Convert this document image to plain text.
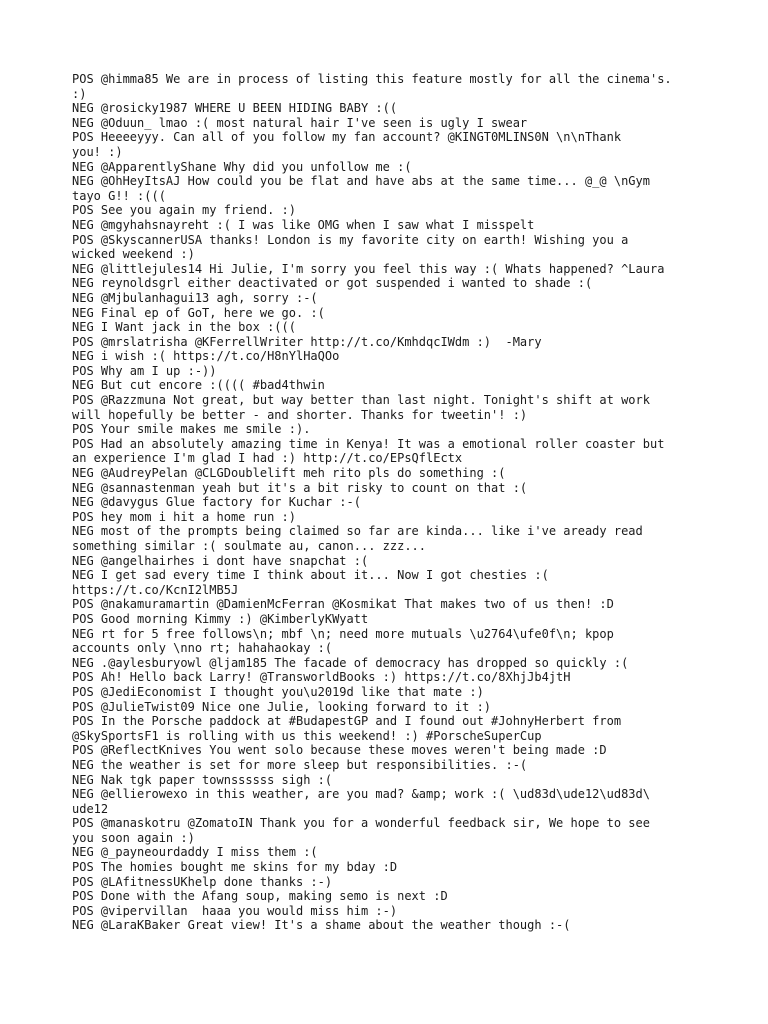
POS @himma85 We are in process of listing this feature mostly for all the cinema's.
:)
NEG @rosicky1987 WHERE U BEEN HIDING BABY :((
NEG @Oduun_ lmao :( most natural hair I've seen is ugly I swear
POS Heeeeyyy. Can all of you follow my fan account? @KINGT0MLINS0N \n\nThank
you! :)
NEG @ApparentlyShane Why did you unfollow me :(
NEG @OhHeyItsAJ How could you be flat and have abs at the same time... @_@ \nGym
tayo G!! :(((
POS See you again my friend. :)
NEG @mgyhahsnayreht :( I was like OMG when I saw what I misspelt
POS @SkyscannerUSA thanks! London is my favorite city on earth! Wishing you a
wicked weekend :)
NEG @littlejules14 Hi Julie, I'm sorry you feel this way :( Whats happened? ^Laura
NEG reynoldsgrl either deactivated or got suspended i wanted to shade :(
NEG @Mjbulanhagui13 agh, sorry :-(
NEG Final ep of GoT, here we go. :(
NEG I Want jack in the box :(((
POS @mrslatrisha @KFerrellWriter http://t.co/KmhdqcIWdm :)  -Mary
NEG i wish :( https://t.co/H8nYlHaQOo
POS Why am I up :-))
NEG But cut encore :(((( #bad4thwin
POS @Razzmuna Not great, but way better than last night. Tonight's shift at work
will hopefully be better - and shorter. Thanks for tweetin'! :)
POS Your smile makes me smile :).
POS Had an absolutely amazing time in Kenya! It was a emotional roller coaster but
an experience I'm glad I had :) http://t.co/EPsQflEctx
NEG @AudreyPelan @CLGDoublelift meh rito pls do something :(
NEG @sannastenman yeah but it's a bit risky to count on that :(
NEG @davygus Glue factory for Kuchar :-(
POS hey mom i hit a home run :)
NEG most of the prompts being claimed so far are kinda... like i've aready read
something similar :( soulmate au, canon... zzz...
NEG @angelhairhes i dont have snapchat :(
NEG I get sad every time I think about it... Now I got chesties :(
https://t.co/KcnI2lMB5J
POS @nakamuramartin @DamienMcFerran @Kosmikat That makes two of us then! :D
POS Good morning Kimmy :) @KimberlyKWyatt
NEG rt for 5 free follows\n; mbf \n; need more mutuals \u2764\ufe0f\n; kpop
accounts only \nno rt; hahahaokay :(
NEG .@aylesburyowl @ljam185 The facade of democracy has dropped so quickly :(
POS Ah! Hello back Larry! @TransworldBooks :) https://t.co/8XhjJb4jtH
POS @JediEconomist I thought you\u2019d like that mate :)
POS @JulieTwist09 Nice one Julie, looking forward to it :)
POS In the Porsche paddock at #BudapestGP and I found out #JohnyHerbert from
@SkySportsF1 is rolling with us this weekend! :) #PorscheSuperCup
POS @ReflectKnives You went solo because these moves weren't being made :D
NEG the weather is set for more sleep but responsibilities. :-(
NEG Nak tgk paper townssssss sigh :(
NEG @ellierowexo in this weather, are you mad? &amp; work :( \ud83d\ude12\ud83d\
ude12
POS @manaskotru @ZomatoIN Thank you for a wonderful feedback sir, We hope to see
you soon again :)
NEG @_payneourdaddy I miss them :(
POS The homies bought me skins for my bday :D
POS @LAfitnessUKhelp done thanks :-)
POS Done with the Afang soup, making semo is next :D
POS @vipervillan  haaa you would miss him :-)
NEG @LaraKBaker Great view! It's a shame about the weather though :-(
